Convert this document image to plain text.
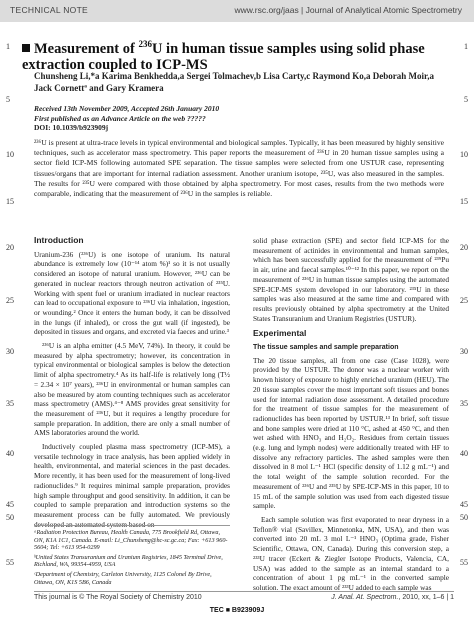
TECHNICAL NOTE	www.rsc.org/jaas | Journal of Analytical Atomic Spectrometry
1
5
10
15
20
25
30
35
40
45
50
55
1
5
10
15
20
25
30
35
40
45
50
55
Measurement of $^{236}$U in human tissue samples using solid phase extraction coupled to ICP-MS
Chunsheng Li,*a Karima Benkhedda,a Sergei Tolmachev,b Lisa Carty,c Raymond Ko,a Deborah Moir,a Jack Cornettª and Gary Kramera
Received 13th November 2009, Accepted 26th January 2010
First published as an Advance Article on the web ?????
DOI: 10.1039/b923909j
²³⁶U is present at ultra-trace levels in typical environmental and biological samples. Typically, it has been measured by highly sensitive techniques, such as accelerator mass spectrometry. This paper reports the measurement of ²³⁶U in 20 human tissue samples using a sector field ICP-MS following automated SPE separation. The tissue samples were selected from one USTUR case, representing tissues/organs that are important for internal radiation assessment. Another uranium isotope, ²³⁵U, was also measured in the samples. The results for ²³⁵U were compared with those obtained by alpha spectrometry. For most cases, results from the two methods were comparable, indicating that the measurement of ²³⁶U in the samples is reliable.
Introduction

Uranium-236 (²³⁶U) is one isotope of uranium. Its natural abundance is extremely low (10⁻¹⁴ atom %)¹ so it is not usually considered an isotope of natural uranium. However, ²³⁶U can be generated in nuclear reactors through neutron activation of ²³⁵U. Working with spent fuel or uranium irradiated in nuclear reactors can lead to occupational exposure to ²³⁶U via inhalation, ingestion, or wounding.² Once it enters the human body, it can be dissolved in the lungs (if inhaled), or cross the gut wall (if ingested), be deposited in tissues and organs, and excreted via faeces and urine.³

²³⁶U is an alpha emitter (4.5 MeV, 74%). In theory, it could be measured by alpha spectrometry; however, its concentration in typical environmental or biological samples is below the detection limit of alpha spectrometry.⁴ As its half-life is relatively long (T½ = 2.34 × 10⁷ years), ²³⁶U in environmental or human samples can also be measured by atom counting techniques such as accelerator mass spectrometry (AMS).⁴⁻⁸ AMS provides great sensitivity for the measurement of ²³⁶U, but it requires a lengthy procedure for sample preparation. In addition, there are only a small number of AMS laboratories around the world.

Inductively coupled plasma mass spectrometry (ICP-MS), a versatile technology in trace analysis, has been applied widely in health, environmental, and material sciences in the past decades. More recently, it has been used for the measurement of long-lived radionuclides.⁹ It requires minimal sample preparation, provides high sample throughput and good sensitivity. In addition, it can be coupled to sample preparation and introduction systems so the measurement process can be fully automated. We previously developed an automated system based on

ᵃRadiation Protection Bureau, Health Canada, 775 Brookfield Rd, Ottawa, ON, K1A 1C1, Canada. E-mail: Li_Chunsheng@hc-sc.gc.ca; Fax: +613 960-5604; Tel: +613 954-0299

ᵇUnited States Transuranium and Uranium Registries, 1845 Terminal Drive, Richland, WA, 99354-4959, USA

ᶜDepartment of Chemistry, Carleton University, 1125 Colonel By Drive, Ottawa, ON, K1S 5B6, Canada

solid phase extraction (SPE) and sector field ICP-MS for the measurement of actinides in environmental and human samples, which has been successfully applied for the measurement of ²³⁹Pu in air, urine and faecal samples.¹⁰⁻¹² In this paper, we report on the measurement of ²³⁶U in human tissue samples using the automated SPE-ICP-MS system developed in our laboratory. ²³⁵U in these samples was also measured at the same time and compared with results previously obtained by alpha spectrometry at the United States Transuranium and Uranium Registries (USTUR).

Experimental
The tissue samples and sample preparation

The 20 tissue samples, all from one case (Case 1028), were provided by the USTUR. The donor was a nuclear worker with known history of exposure to highly enriched uranium (HEU). The 20 tissue samples cover the most important soft tissues and bones used for internal radiation dose assessment. A detailed procedure for the treatment of tissue samples for the measurement of radionuclides has been reported by USTUR.¹³ In brief, soft tissue and bone samples were dried at 110 °C, ashed at 450 °C, and then wet ashed with HNO₃ and H₂O₂. Residues from certain tissues (e.g. lung and lymph nodes) were additionally treated with HF to dissolve any refractory particles. The ashed samples were then dissolved in 8 mol L⁻¹ HCl (specific density of 1.12 g mL⁻¹) and the total weight of the sample solution recorded. For the measurement of ²³⁶U and ²³⁵U by SPE-ICP-MS in this paper, 10 to 15 mL of the sample solution was used from each digested tissue sample.

Each sample solution was first evaporated to near dryness in a Teflon® vial (Savillex, Minnetonka, MN, USA), and then was converted into 20 mL 3 mol L⁻¹ HNO₃ (Optima grade, Fisher Scientific, Ottawa, ON, Canada). During this conversion step, a ²³³U tracer (Eckert & Ziegler Isotope Products, Valencia, CA, USA) was added to the sample as an internal standard to a concentration of about 1 pg mL⁻¹ in the converted sample solution. The exact amount of ²³³U added to each sample was

This journal is © The Royal Society of Chemistry 2010	J. Anal. At. Spectrom., 2010, xx, 1–6 | 1
TEC ■ B923909J
